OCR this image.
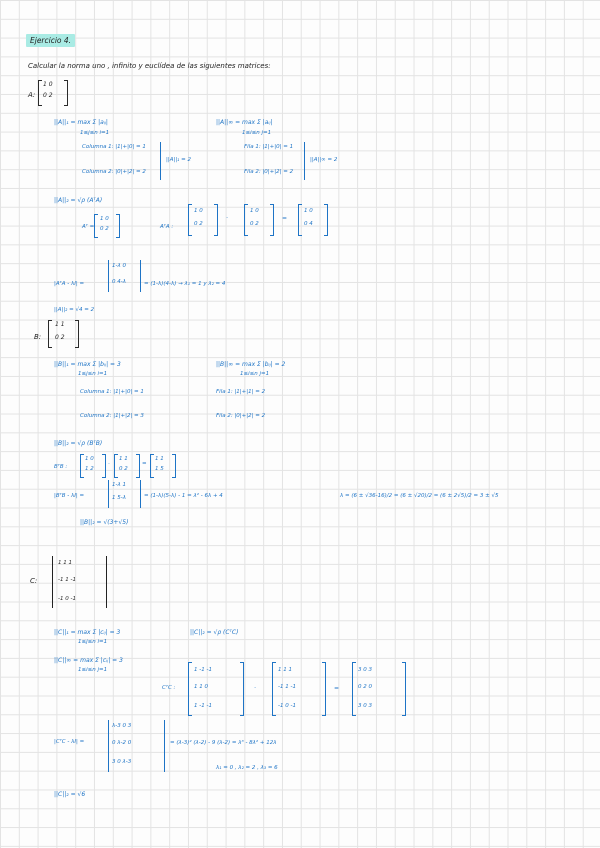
Ejercicio 4.
Calcular la norma uno , infinito y euclídea de las siguientes matrices:
A:
1 0
0 2
||A||₁ = max Σ |aᵢⱼ|
1≤j≤n i=1
||A||∞ = max Σ |aᵢⱼ|
1≤i≤n j=1
Columna 1: |1|+|0| = 1
Columna 2: |0|+|2| = 2
||A||₁ = 2
Fila 1: |1|+|0| = 1
Fila 2: |0|+|2| = 2
||A||∞ = 2
||A||₂ = √ρ (AᵀA)
Aᵀ =
1 0
0 2	AᵀA :
1 0
0 2
·
1 0
0 2
=
1 0
0 4
|AᵀA - λI| =
1-λ 0
0 4-λ	= (1-λ)(4-λ) → λ₁ = 1 y λ₂ = 4
||A||₂ = √4 = 2
B:
1 1
0 2
||B||₁ = max Σ |bᵢⱼ| = 3
1≤j≤n i=1
||B||∞ = max Σ |bᵢⱼ| = 2
1≤i≤n j=1
Columna 1: |1|+|0| = 1	Fila 1: |1|+|1| = 2
Columna 2: |1|+|2| = 3	Fila 2: |0|+|2| = 2
||B||₂ = √ρ (BᵀB)
BᵀB :
1 0
1 2
·
1 1
0 2
=
1 1
1 5
|BᵀB - λI| =
1-λ 1
1 5-λ	= (1-λ)(5-λ) - 1 = λ² - 6λ + 4	λ = (6 ± √36-16)/2 = (6 ± √20)/2 = (6 ± 2√5)/2 = 3 ± √5
||B||₂ = √(3+√5)
C:
1 1 1
-1 1 -1
-1 0 -1
||C||₁ = max Σ |cᵢⱼ| = 3
1≤j≤n i=1
||C||₂ = √ρ (CᵀC)
||C||∞ = max Σ |cᵢⱼ| = 3
1≤i≤n j=1
CᵀC :
1 -1 -1
1 1 0
1 -1 -1
·
1 1 1
-1 1 -1
-1 0 -1
=
3 0 3
0 2 0
3 0 3
|CᵀC - λI| =
λ-3 0 3
0 λ-2 0
3 0 λ-3
= (λ-3)² (λ-2) - 9 (λ-2) = λ³ - 8λ² + 12λ
λ₁ = 0 , λ₂ = 2 , λ₃ = 6
||C||₂ = √6
